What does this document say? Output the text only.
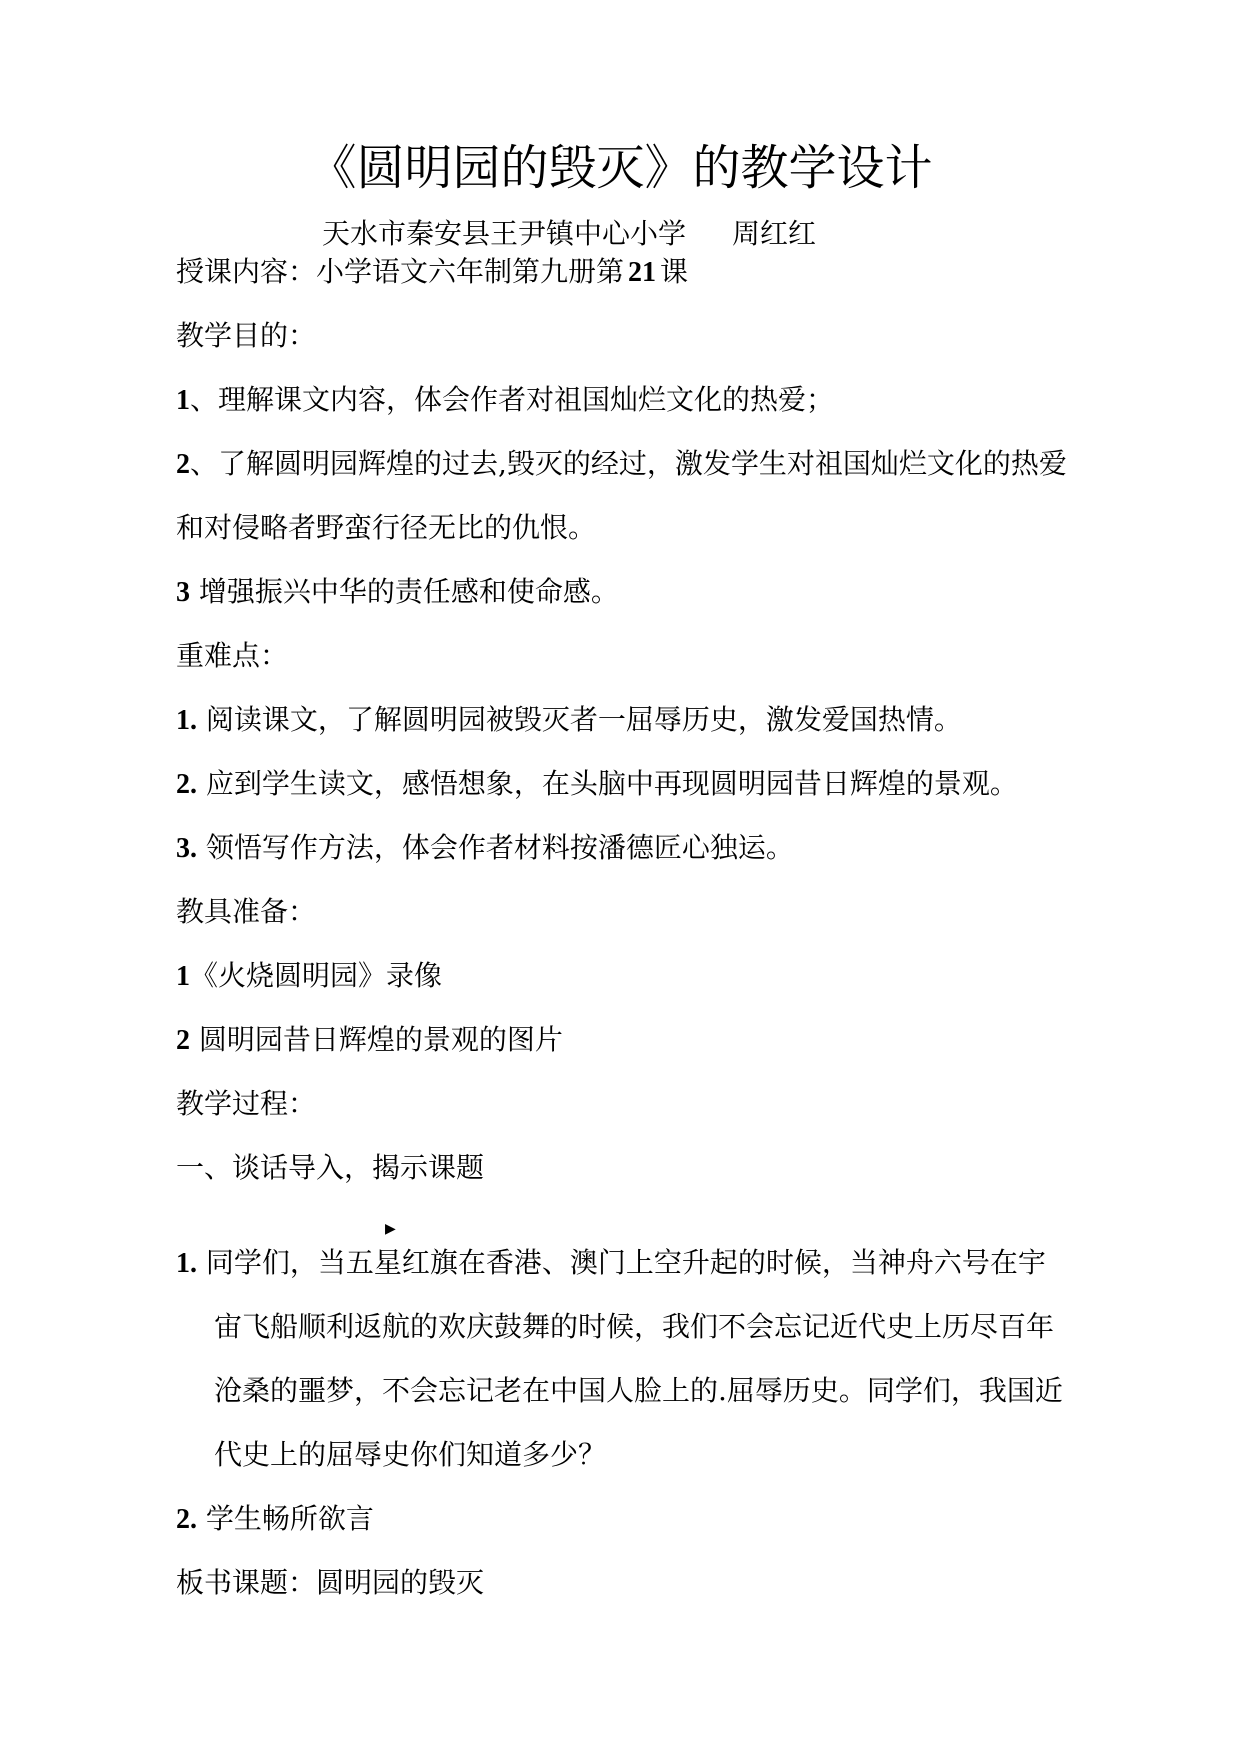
《圆明园的毁灭》的教学设计
天水市秦安县王尹镇中心小学 周红红
授课内容：小学语文六年制第九册第 21 课
教学目的：
1、理解课文内容，体会作者对祖国灿烂文化的热爱；
2、了解圆明园辉煌的过去,毁灭的经过，激发学生对祖国灿烂文化的热爱
和对侵略者野蛮行径无比的仇恨。
3 增强振兴中华的责任感和使命感。
重难点：
1. 阅读课文，了解圆明园被毁灭者一屈辱历史，激发爱国热情。
2. 应到学生读文，感悟想象，在头脑中再现圆明园昔日辉煌的景观。
3. 领悟写作方法，体会作者材料按潘德匠心独运。
教具准备：
1《火烧圆明园》录像
2 圆明园昔日辉煌的景观的图片
教学过程：
一、谈话导入，揭示课题
▶
1. 同学们，当五星红旗在香港、澳门上空升起的时候，当神舟六号在宇
宙飞船顺利返航的欢庆鼓舞的时候，我们不会忘记近代史上历尽百年
沧桑的噩梦，不会忘记老在中国人脸上的.屈辱历史。同学们，我国近
代史上的屈辱史你们知道多少？
2. 学生畅所欲言
板书课题：圆明园的毁灭
